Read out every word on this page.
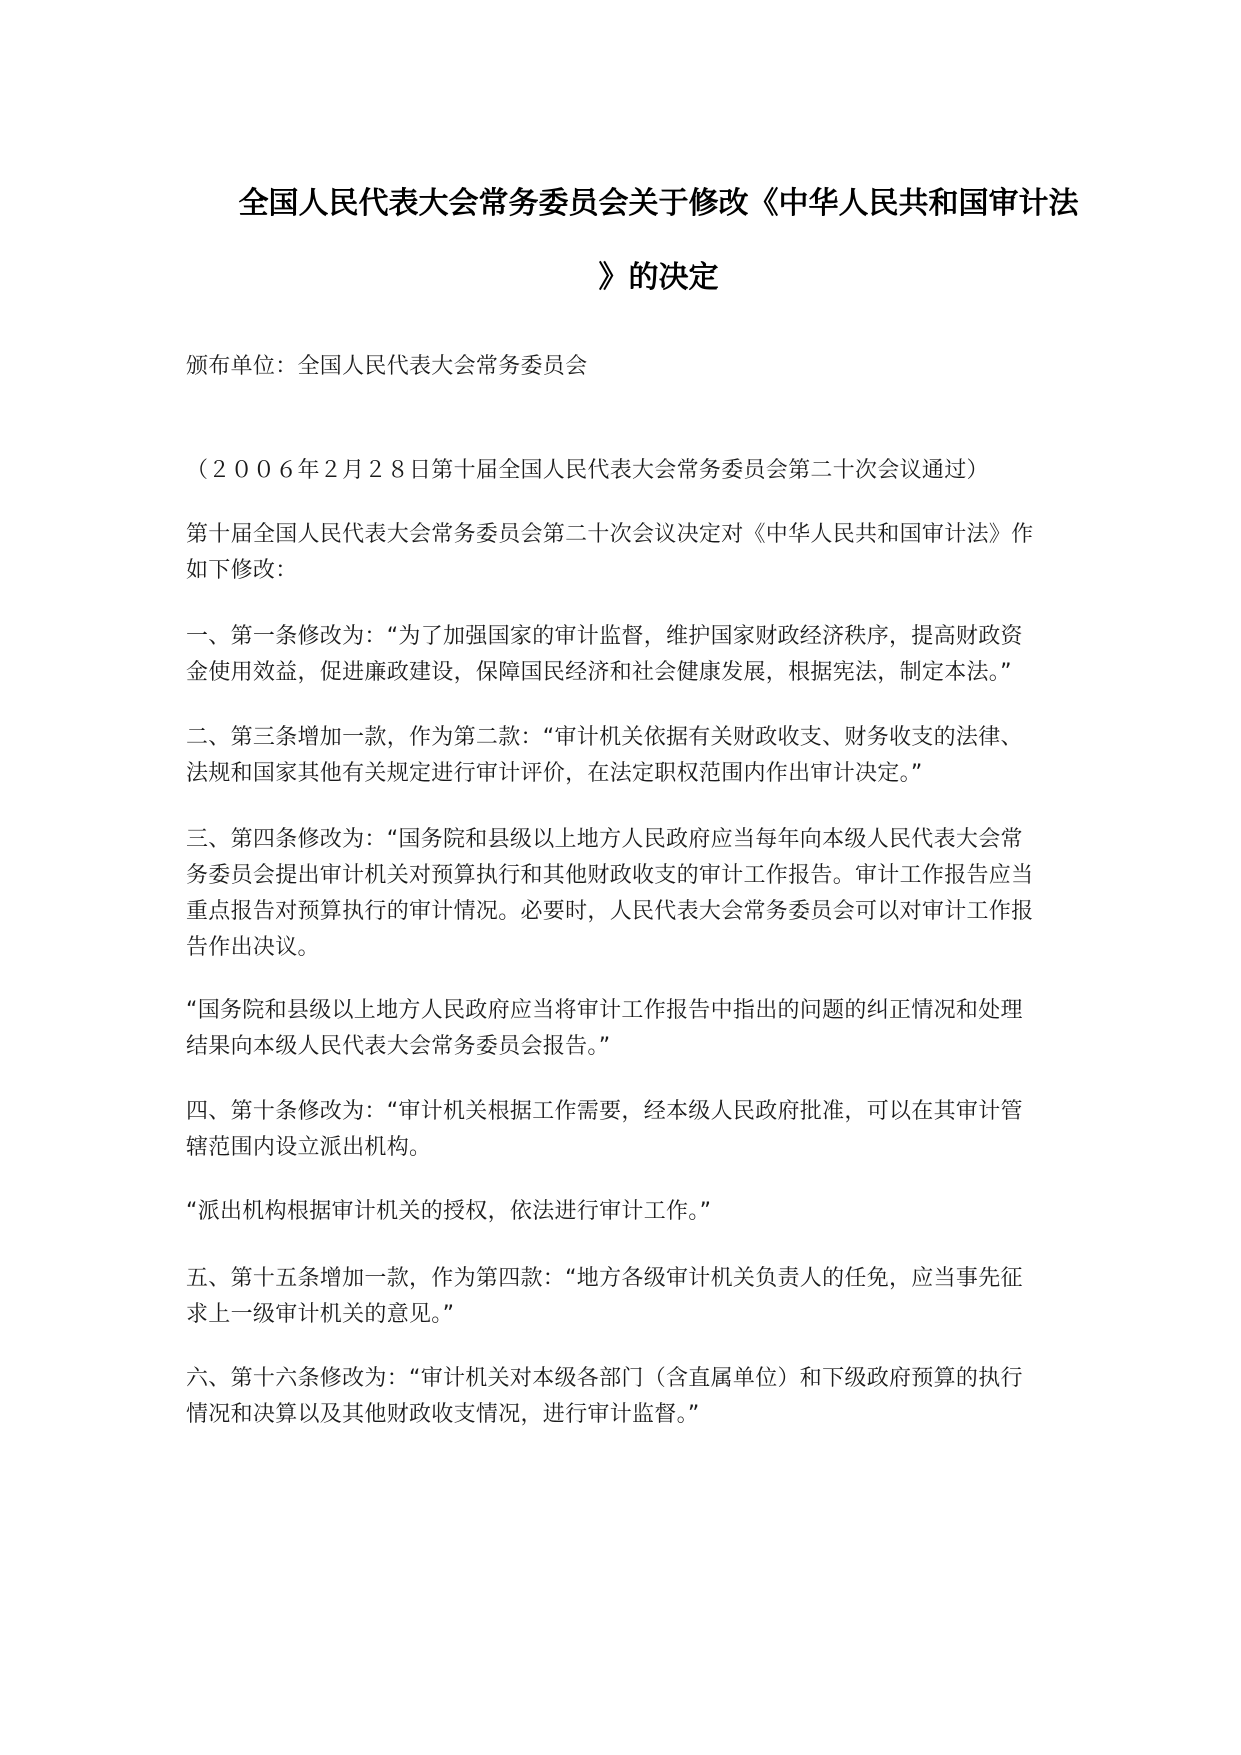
全国人民代表大会常务委员会关于修改《中华人民共和国审计法
》的决定

颁布单位：全国人民代表大会常务委员会

（２００６年２月２８日第十届全国人民代表大会常务委员会第二十次会议通过）

第十届全国人民代表大会常务委员会第二十次会议决定对《中华人民共和国审计法》作

如下修改：

一、第一条修改为：“为了加强国家的审计监督，维护国家财政经济秩序，提高财政资

金使用效益，促进廉政建设，保障国民经济和社会健康发展，根据宪法，制定本法。”

二、第三条增加一款，作为第二款：“审计机关依据有关财政收支、财务收支的法律、

法规和国家其他有关规定进行审计评价，在法定职权范围内作出审计决定。”

三、第四条修改为：“国务院和县级以上地方人民政府应当每年向本级人民代表大会常

务委员会提出审计机关对预算执行和其他财政收支的审计工作报告。审计工作报告应当

重点报告对预算执行的审计情况。必要时，人民代表大会常务委员会可以对审计工作报

告作出决议。

“国务院和县级以上地方人民政府应当将审计工作报告中指出的问题的纠正情况和处理

结果向本级人民代表大会常务委员会报告。”

四、第十条修改为：“审计机关根据工作需要，经本级人民政府批准，可以在其审计管

辖范围内设立派出机构。

“派出机构根据审计机关的授权，依法进行审计工作。”

五、第十五条增加一款，作为第四款：“地方各级审计机关负责人的任免，应当事先征

求上一级审计机关的意见。”

六、第十六条修改为：“审计机关对本级各部门（含直属单位）和下级政府预算的执行

情况和决算以及其他财政收支情况，进行审计监督。”
